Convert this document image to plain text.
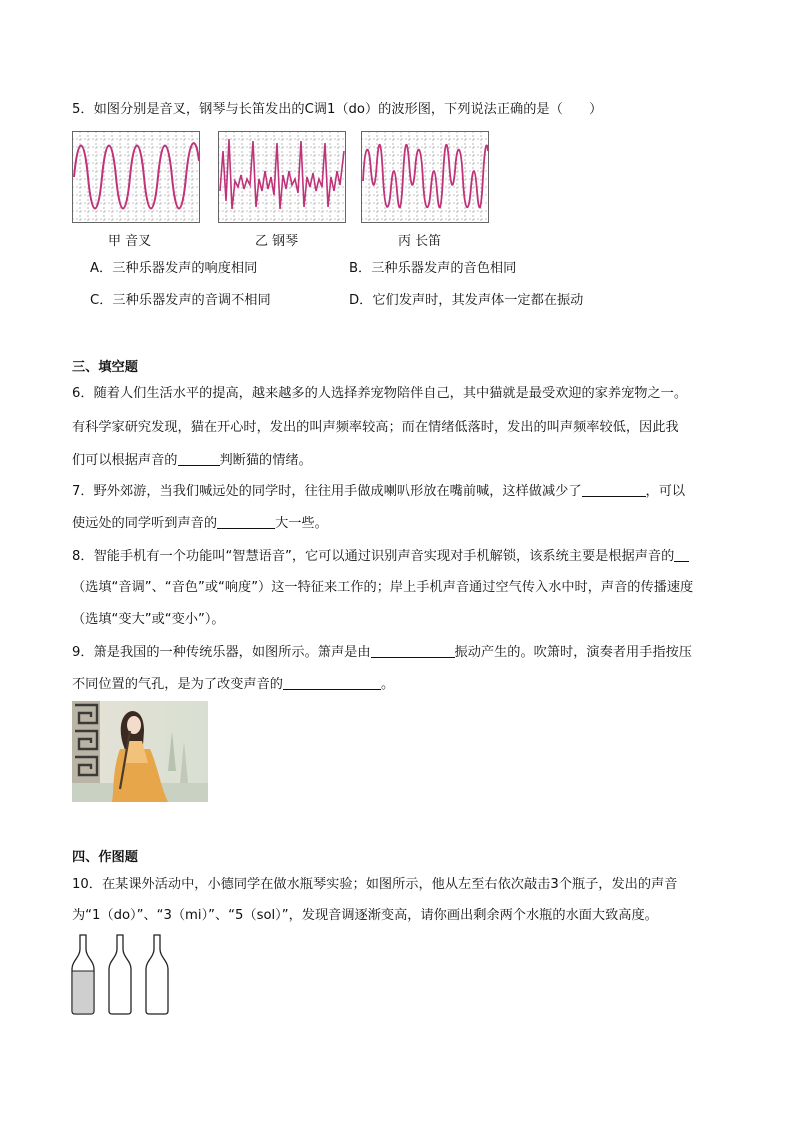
5．如图分别是音叉，钢琴与长笛发出的C调1（do）的波形图，下列说法正确的是（　　）
甲 音叉	乙 钢琴	丙 长笛
A．三种乐器发声的响度相同	B．三种乐器发声的音色相同
C．三种乐器发声的音调不相同	D．它们发声时，其发声体一定都在振动
三、填空题
6．随着人们生活水平的提高，越来越多的人选择养宠物陪伴自己，其中猫就是最受欢迎的家养宠物之一。
有科学家研究发现，猫在开心时，发出的叫声频率较高；而在情绪低落时，发出的叫声频率较低，因此我
们可以根据声音的	判断猫的情绪。
7．野外郊游，当我们喊远处的同学时，往往用手做成喇叭形放在嘴前喊，这样做减少了	，可以
使远处的同学听到声音的	大一些。
8．智能手机有一个功能叫“智慧语音”，它可以通过识别声音实现对手机解锁，该系统主要是根据声音的
（选填“音调”、“音色”或“响度”）这一特征来工作的；岸上手机声音通过空气传入水中时，声音的传播速度
（选填“变大”或“变小”）。
9．箫是我国的一种传统乐器，如图所示。箫声是由	振动产生的。吹箫时，演奏者用手指按压
不同位置的气孔，是为了改变声音的	。
四、作图题
10．在某课外活动中，小德同学在做水瓶琴实验；如图所示，他从左至右依次敲击3个瓶子，发出的声音
为“1（do）”、“3（mi）”、“5（sol）”，发现音调逐渐变高，请你画出剩余两个水瓶的水面大致高度。
